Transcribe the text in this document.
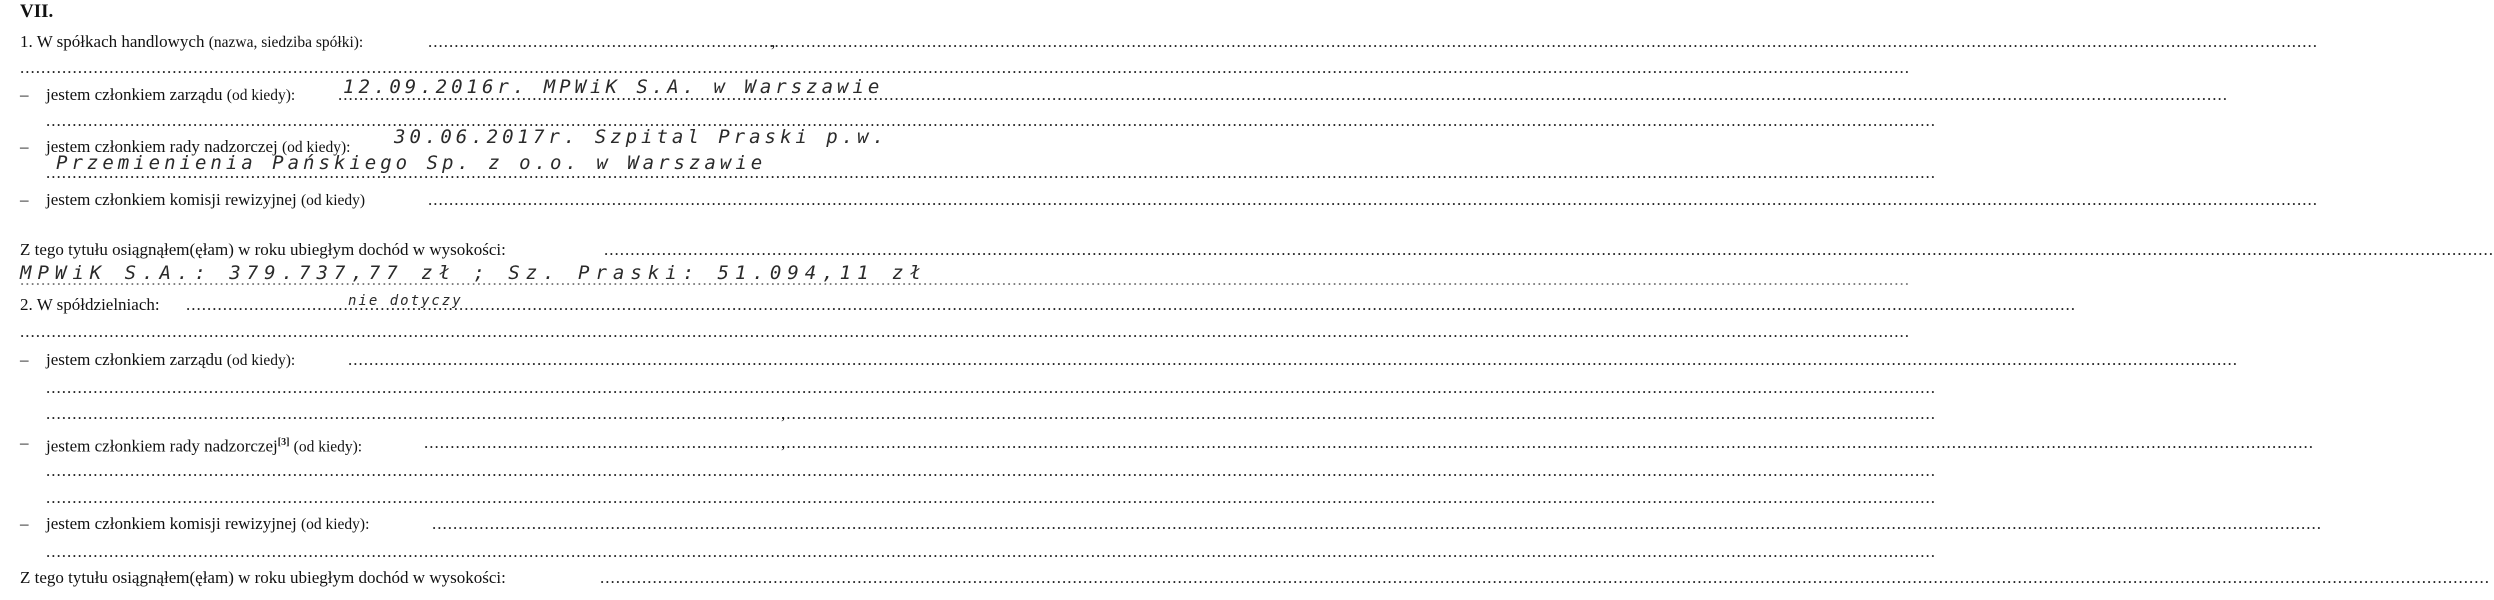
VII.
1. W spółkach handlowych (nazwa, siedziba spółki): .....	,
.....
– jestem członkiem zarządu (od kiedy): .....	12.09.2016r. MPWiK S.A. w Warszawie
.....
– jestem członkiem rady nadzorczej (od kiedy): 30.06.2017r. Szpital Praski p.w.
.....
Przemienienia Pańskiego Sp. z o.o. w Warszawie
– jestem członkiem komisji rewizyjnej (od kiedy)
.....
Z tego tytułu osiągnąłem(ęłam) w roku ubiegłym dochód w wysokości:
.....
MPWiK S.A.: 379.737,77 zł ; Sz. Praski: 51.094,11 zł
.....
2. W spółdzielniach: .....	nie dotyczy
.....
– jestem członkiem zarządu (od kiedy):
.....
.....
.....
,
– jestem członkiem rady nadzorczej[3] (od kiedy): .....	,
.....
.....
– jestem członkiem komisji rewizyjnej (od kiedy):
.....
.....
Z tego tytułu osiągnąłem(ęłam) w roku ubiegłym dochód w wysokości:
.....
